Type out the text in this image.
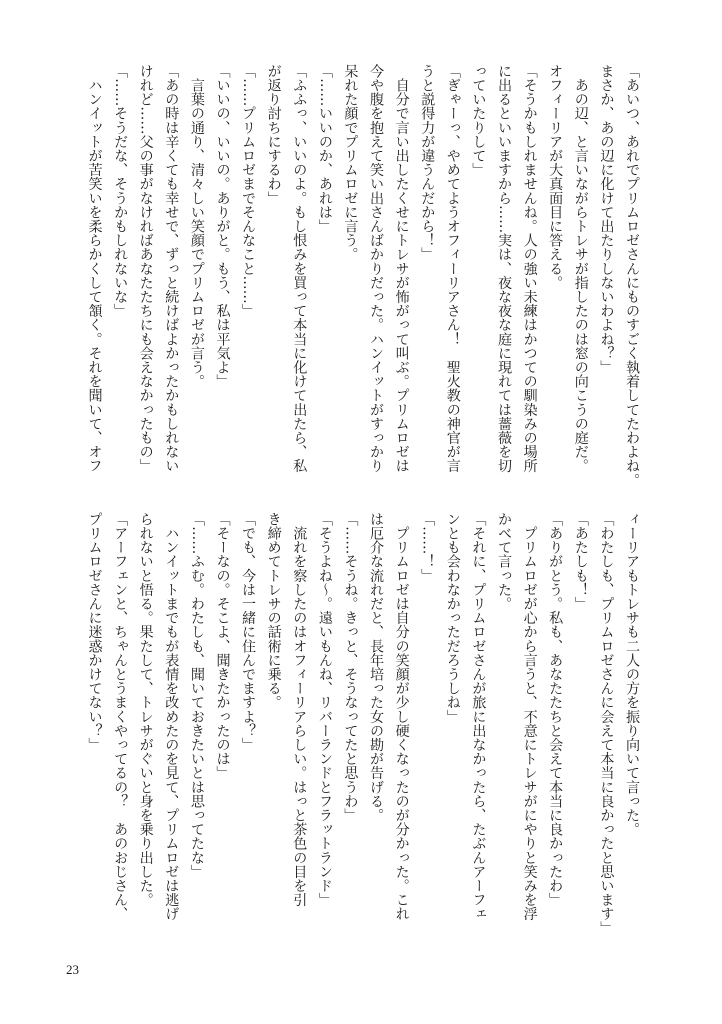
「あいつ、あれでプリムロゼさんにものすごく執着してたわよね。
まさか、あの辺に化けて出たりしないわよね？」
　あの辺、と言いながらトレサが指したのは窓の向こうの庭だ。
オフィーリアが大真面目に答える。
「そうかもしれませんね。人の強い未練はかつての馴染みの場所
に出るといいますから……実は、夜な夜な庭に現れては薔薇を切
っていたりして」
「ぎゃーっ、やめてようオフィーリアさん！　聖火教の神官が言
うと説得力が違うんだから！」
　自分で言い出したくせにトレサが怖がって叫ぶ。プリムロゼは
今や腹を抱えて笑い出さんばかりだった。ハンイットがすっかり
呆れた顔でプリムロゼに言う。
「……いいのか、あれは」
「ふふっ、いいのよ。もし恨みを買って本当に化けて出たら、私
が返り討ちにするわ」
「……プリムロゼまでそんなこと……」
「いいの、いいの。ありがと。もう、私は平気よ」
　言葉の通り、清々しい笑顔でプリムロゼが言う。
「あの時は辛くても幸せで、ずっと続けばよかったかもしれない
けれど……父の事がなければあなたたちにも会えなかったもの」
「……そうだな、そうかもしれないな」
　ハンイットが苦笑いを柔らかくして頷く。それを聞いて、オフ
ィーリアもトレサも二人の方を振り向いて言った。
「わたしも、プリムロゼさんに会えて本当に良かったと思います」
「あたしも！」
「ありがとう。私も、あなたたちと会えて本当に良かったわ」
　プリムロゼが心から言うと、不意にトレサがにやりと笑みを浮
かべて言った。
「それに、プリムロゼさんが旅に出なかったら、たぶんアーフェ
ンとも会わなかっただろうしね」
「……！」
　プリムロゼは自分の笑顔が少し硬くなったのが分かった。これ
は厄介な流れだと、長年培った女の勘が告げる。
「……そうね。きっと、そうなってたと思うわ」
「そうよね～。遠いもんね、リバーランドとフラットランド」
　流れを察したのはオフィーリアらしい。はっと茶色の目を引
き締めてトレサの話術に乗る。
「でも、今は一緒に住んでますよ？」
「そーなの。そこよ、聞きたかったのは」
「……ふむ。わたしも、聞いておきたいとは思ってたな」
　ハンイットまでもが表情を改めたのを見て、プリムロゼは逃げ
られないと悟る。果たして、トレサがぐいと身を乗り出した。
「アーフェンと、ちゃんとうまくやってるの？　あのおじさん、
プリムロゼさんに迷惑かけてない？」
23
